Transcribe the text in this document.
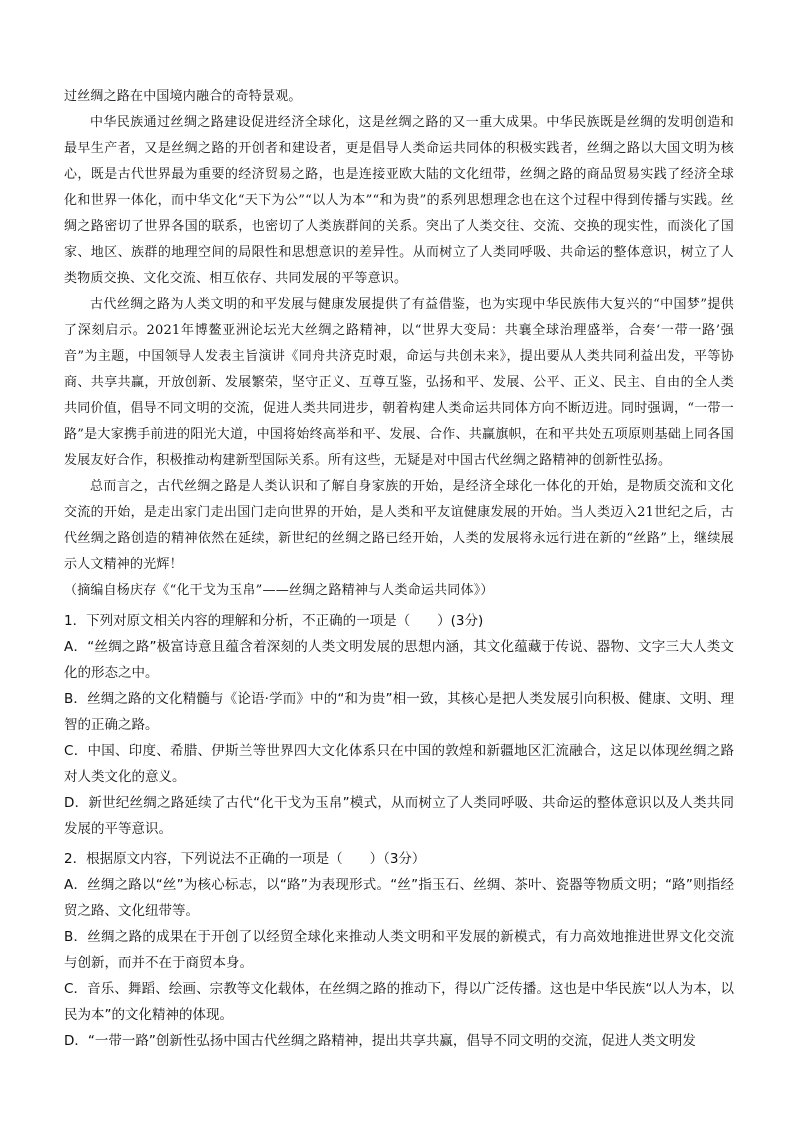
过丝绸之路在中国境内融合的奇特景观。

中华民族通过丝绸之路建设促进经济全球化，这是丝绸之路的又一重大成果。中华民族既是丝绸的发明创造和最早生产者，又是丝绸之路的开创者和建设者，更是倡导人类命运共同体的积极实践者，丝绸之路以大国文明为核心，既是古代世界最为重要的经济贸易之路，也是连接亚欧大陆的文化纽带，丝绸之路的商品贸易实践了经济全球化和世界一体化，而中华文化“天下为公”“以人为本”“和为贵”的系列思想理念也在这个过程中得到传播与实践。丝绸之路密切了世界各国的联系，也密切了人类族群间的关系。突出了人类交往、交流、交换的现实性，而淡化了国家、地区、族群的地理空间的局限性和思想意识的差异性。从而树立了人类同呼吸、共命运的整体意识，树立了人类物质交换、文化交流、相互依存、共同发展的平等意识。

古代丝绸之路为人类文明的和平发展与健康发展提供了有益借鉴，也为实现中华民族伟大复兴的“中国梦”提供了深刻启示。2021年博鳌亚洲论坛光大丝绸之路精神，以“世界大变局：共襄全球治理盛举，合奏‘一带一路’强音”为主题，中国领导人发表主旨演讲《同舟共济克时艰，命运与共创未来》，提出要从人类共同利益出发，平等协商、共享共赢，开放创新、发展繁荣，坚守正义、互尊互鉴，弘扬和平、发展、公平、正义、民主、自由的全人类共同价值，倡导不同文明的交流，促进人类共同进步，朝着构建人类命运共同体方向不断迈进。同时强调，“一带一路”是大家携手前进的阳光大道，中国将始终高举和平、发展、合作、共赢旗帜，在和平共处五项原则基础上同各国发展友好合作，积极推动构建新型国际关系。所有这些，无疑是对中国古代丝绸之路精神的创新性弘扬。

总而言之，古代丝绸之路是人类认识和了解自身家族的开始，是经济全球化一体化的开始，是物质交流和文化交流的开始，是走出家门走出国门走向世界的开始，是人类和平友谊健康发展的开始。当人类迈入21世纪之后，古代丝绸之路创造的精神依然在延续，新世纪的丝绸之路已经开始，人类的发展将永远行进在新的“丝路”上，继续展示人文精神的光辉！

（摘编自杨庆存《“化干戈为玉帛”——丝绸之路精神与人类命运共同体》）

1．下列对原文相关内容的理解和分析，不正确的一项是（　　）(3分)

A．“丝绸之路”极富诗意且蕴含着深刻的人类文明发展的思想内涵，其文化蕴藏于传说、器物、文字三大人类文化的形态之中。

B．丝绸之路的文化精髓与《论语·学而》中的“和为贵”相一致，其核心是把人类发展引向积极、健康、文明、理智的正确之路。

C．中国、印度、希腊、伊斯兰等世界四大文化体系只在中国的敦煌和新疆地区汇流融合，这足以体现丝绸之路对人类文化的意义。

D．新世纪丝绸之路延续了古代“化干戈为玉帛”模式，从而树立了人类同呼吸、共命运的整体意识以及人类共同发展的平等意识。

2．根据原文内容，下列说法不正确的一项是（　　）（3分）

A．丝绸之路以“丝”为核心标志，以“路”为表现形式。“丝”指玉石、丝绸、茶叶、瓷器等物质文明；“路”则指经贸之路、文化纽带等。

B．丝绸之路的成果在于开创了以经贸全球化来推动人类文明和平发展的新模式，有力高效地推进世界文化交流与创新，而并不在于商贸本身。

C．音乐、舞蹈、绘画、宗教等文化载体，在丝绸之路的推动下，得以广泛传播。这也是中华民族“以人为本，以民为本”的文化精神的体现。

D．“一带一路”创新性弘扬中国古代丝绸之路精神，提出共享共赢，倡导不同文明的交流，促进人类文明发
